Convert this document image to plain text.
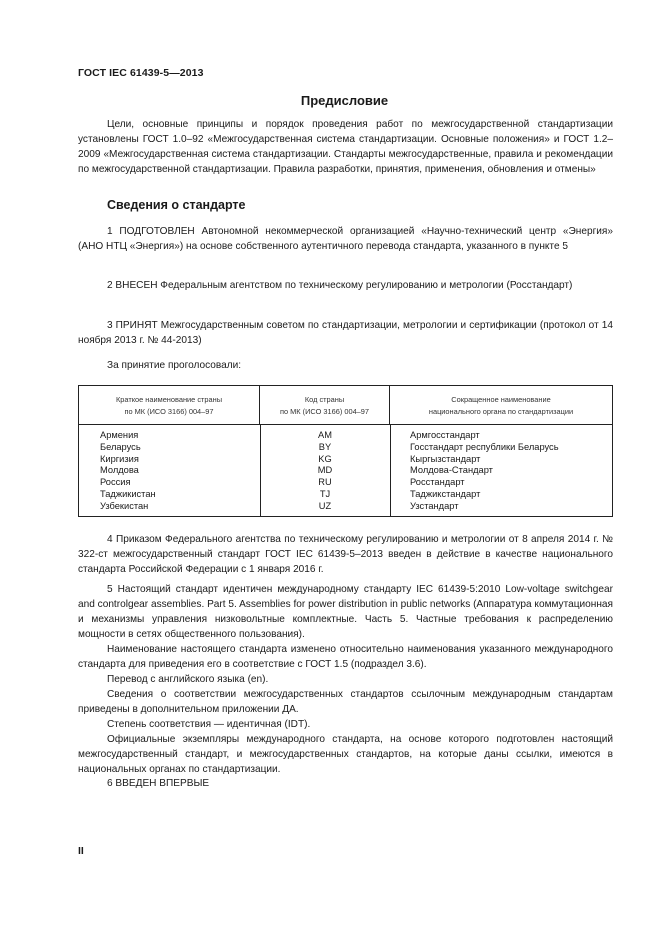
ГОСТ IEC 61439-5—2013
Предисловие

Цели, основные принципы и порядок проведения работ по межгосударственной стандартизации установлены ГОСТ 1.0–92 «Межгосударственная система стандартизации. Основные положения» и ГОСТ 1.2–2009 «Межгосударственная система стандартизации. Стандарты межгосударственные, правила и рекомендации по межгосударственной стандартизации. Правила разработки, принятия, применения, обновления и отмены»

Сведения о стандарте

1 ПОДГОТОВЛЕН Автономной некоммерческой организацией «Научно-технический центр «Энергия» (АНО НТЦ «Энергия») на основе собственного аутентичного перевода стандарта, указанного в пункте 5

2 ВНЕСЕН Федеральным агентством по техническому регулированию и метрологии (Росстандарт)

3 ПРИНЯТ Межгосударственным советом по стандартизации, метрологии и сертификации (протокол от 14 ноября 2013 г. № 44-2013)

За принятие проголосовали:

Краткое наименование страны
по МК (ИСО 3166) 004–97
Код страны
по МК (ИСО 3166) 004–97
Сокращенное наименование
национального органа по стандартизации
Армения
Беларусь
Киргизия
Молдова
Россия
Таджикистан
Узбекистан
AM
BY
KG
MD
RU
TJ
UZ
Армгосстандарт
Госстандарт республики Беларусь
Кыргызстандарт
Молдова-Стандарт
Росстандарт
Таджикстандарт
Узстандарт

4 Приказом Федерального агентства по техническому регулированию и метрологии от 8 апреля 2014 г. № 322-ст межгосударственный стандарт ГОСТ IEC 61439-5–2013 введен в действие в качестве национального стандарта Российской Федерации с 1 января 2016 г.

5 Настоящий стандарт идентичен международному стандарту IEC 61439-5:2010 Low-voltage switchgear and controlgear assemblies. Part 5. Assemblies for power distribution in public networks (Аппаратура коммутационная и механизмы управления низковольтные комплектные. Часть 5. Частные требования к распределению мощности в сетях общественного пользования).

Наименование настоящего стандарта изменено относительно наименования указанного международного стандарта для приведения его в соответствие с ГОСТ 1.5 (подраздел 3.6).

Перевод с английского языка (en).

Сведения о соответствии межгосударственных стандартов ссылочным международным стандартам приведены в дополнительном приложении ДА.

Степень соответствия — идентичная (IDT).

Официальные экземпляры международного стандарта, на основе которого подготовлен настоящий межгосударственный стандарт, и межгосударственных стандартов, на которые даны ссылки, имеются в национальных органах по стандартизации.

6 ВВЕДЕН ВПЕРВЫЕ

II
